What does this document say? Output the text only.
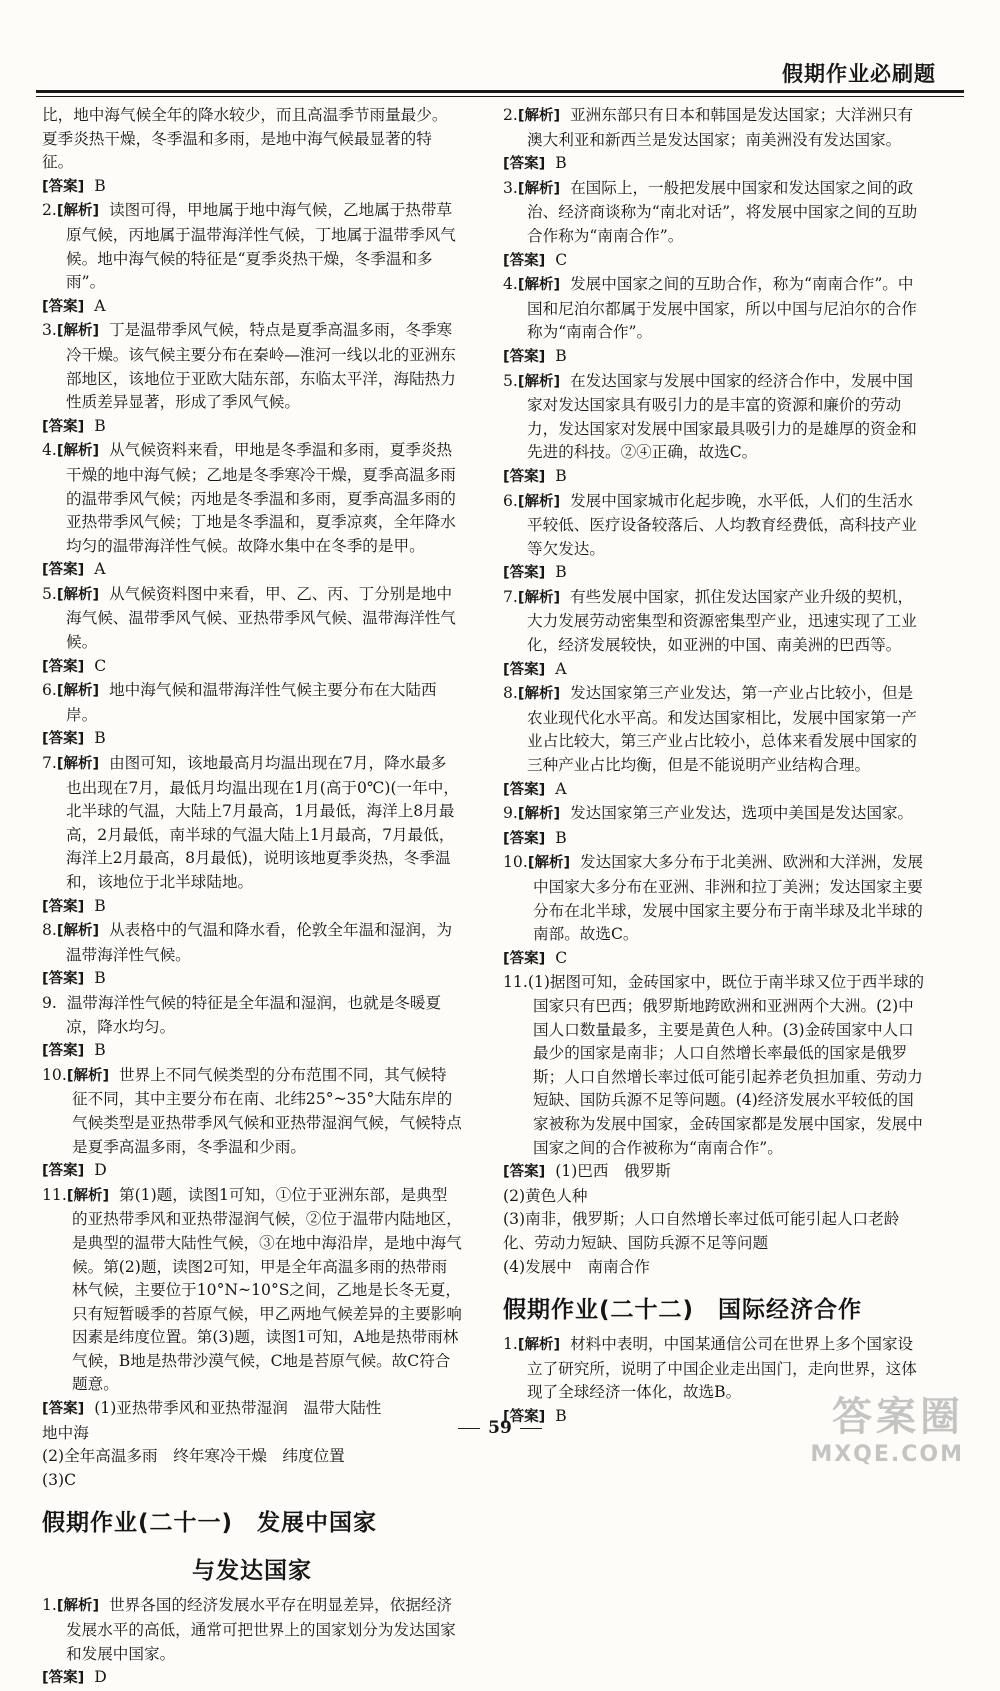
假期作业必刷题

比，地中海气候全年的降水较少，而且高温季节雨量最少。夏季炎热干燥，冬季温和多雨，是地中海气候最显著的特征。

[答案] B

2.[解析] 读图可得，甲地属于地中海气候，乙地属于热带草原气候，丙地属于温带海洋性气候，丁地属于温带季风气候。地中海气候的特征是“夏季炎热干燥，冬季温和多雨”。

[答案] A

3.[解析] 丁是温带季风气候，特点是夏季高温多雨，冬季寒冷干燥。该气候主要分布在秦岭—淮河一线以北的亚洲东部地区，该地位于亚欧大陆东部，东临太平洋，海陆热力性质差异显著，形成了季风气候。

[答案] B

4.[解析] 从气候资料来看，甲地是冬季温和多雨，夏季炎热干燥的地中海气候；乙地是冬季寒冷干燥，夏季高温多雨的温带季风气候；丙地是冬季温和多雨，夏季高温多雨的亚热带季风气候；丁地是冬季温和，夏季凉爽，全年降水均匀的温带海洋性气候。故降水集中在冬季的是甲。

[答案] A

5.[解析] 从气候资料图中来看，甲、乙、丙、丁分别是地中海气候、温带季风气候、亚热带季风气候、温带海洋性气候。

[答案] C

6.[解析] 地中海气候和温带海洋性气候主要分布在大陆西岸。

[答案] B

7.[解析] 由图可知，该地最高月均温出现在7月，降水最多也出现在7月，最低月均温出现在1月(高于0℃)(一年中，北半球的气温，大陆上7月最高，1月最低，海洋上8月最高，2月最低，南半球的气温大陆上1月最高，7月最低，海洋上2月最高，8月最低)，说明该地夏季炎热，冬季温和，该地位于北半球陆地。

[答案] B

8.[解析] 从表格中的气温和降水看，伦敦全年温和湿润，为温带海洋性气候。

[答案] B

9. 温带海洋性气候的特征是全年温和湿润，也就是冬暖夏凉，降水均匀。

[答案] B

10.[解析] 世界上不同气候类型的分布范围不同，其气候特征不同，其中主要分布在南、北纬25°~35°大陆东岸的气候类型是亚热带季风气候和亚热带湿润气候，气候特点是夏季高温多雨，冬季温和少雨。

[答案] D

11.[解析] 第(1)题，读图1可知，①位于亚洲东部，是典型的亚热带季风和亚热带湿润气候，②位于温带内陆地区，是典型的温带大陆性气候，③在地中海沿岸，是地中海气候。第(2)题，读图2可知，甲是全年高温多雨的热带雨林气候，主要位于10°N~10°S之间，乙地是长冬无夏，只有短暂暖季的苔原气候，甲乙两地气候差异的主要影响因素是纬度位置。第(3)题，读图1可知，A地是热带雨林气候，B地是热带沙漠气候，C地是苔原气候。故C符合题意。

[答案] (1)亚热带季风和亚热带湿润　温带大陆性

地中海

(2)全年高温多雨　终年寒冷干燥　纬度位置

(3)C

假期作业(二十一)　发展中国家
与发达国家

1.[解析] 世界各国的经济发展水平存在明显差异，依据经济发展水平的高低，通常可把世界上的国家划分为发达国家和发展中国家。

[答案] D

2.[解析] 亚洲东部只有日本和韩国是发达国家；大洋洲只有澳大利亚和新西兰是发达国家；南美洲没有发达国家。

[答案] B

3.[解析] 在国际上，一般把发展中国家和发达国家之间的政治、经济商谈称为“南北对话”，将发展中国家之间的互助合作称为“南南合作”。

[答案] C

4.[解析] 发展中国家之间的互助合作，称为“南南合作”。中国和尼泊尔都属于发展中国家，所以中国与尼泊尔的合作称为“南南合作”。

[答案] B

5.[解析] 在发达国家与发展中国家的经济合作中，发展中国家对发达国家具有吸引力的是丰富的资源和廉价的劳动力，发达国家对发展中国家最具吸引力的是雄厚的资金和先进的科技。②④正确，故选C。

[答案] B

6.[解析] 发展中国家城市化起步晚，水平低，人们的生活水平较低、医疗设备较落后、人均教育经费低，高科技产业等欠发达。

[答案] B

7.[解析] 有些发展中国家，抓住发达国家产业升级的契机，大力发展劳动密集型和资源密集型产业，迅速实现了工业化，经济发展较快，如亚洲的中国、南美洲的巴西等。

[答案] A

8.[解析] 发达国家第三产业发达，第一产业占比较小，但是农业现代化水平高。和发达国家相比，发展中国家第一产业占比较大，第三产业占比较小，总体来看发展中国家的三种产业占比均衡，但是不能说明产业结构合理。

[答案] A

9.[解析] 发达国家第三产业发达，选项中美国是发达国家。

[答案] B

10.[解析] 发达国家大多分布于北美洲、欧洲和大洋洲，发展中国家大多分布在亚洲、非洲和拉丁美洲；发达国家主要分布在北半球，发展中国家主要分布于南半球及北半球的南部。故选C。

[答案] C

11.(1)据图可知，金砖国家中，既位于南半球又位于西半球的国家只有巴西；俄罗斯地跨欧洲和亚洲两个大洲。(2)中国人口数量最多，主要是黄色人种。(3)金砖国家中人口最少的国家是南非；人口自然增长率最低的国家是俄罗斯；人口自然增长率过低可能引起养老负担加重、劳动力短缺、国防兵源不足等问题。(4)经济发展水平较低的国家被称为发展中国家，金砖国家都是发展中国家，发展中国家之间的合作被称为“南南合作”。

[答案] (1)巴西　俄罗斯

(2)黄色人种

(3)南非，俄罗斯；人口自然增长率过低可能引起人口老龄化、劳动力短缺、国防兵源不足等问题

(4)发展中　南南合作

假期作业(二十二)　国际经济合作

1.[解析] 材料中表明，中国某通信公司在世界上多个国家设立了研究所，说明了中国企业走出国门，走向世界，这体现了全球经济一体化，故选B。

[答案] B

59	答案圈
MXQE.COM
